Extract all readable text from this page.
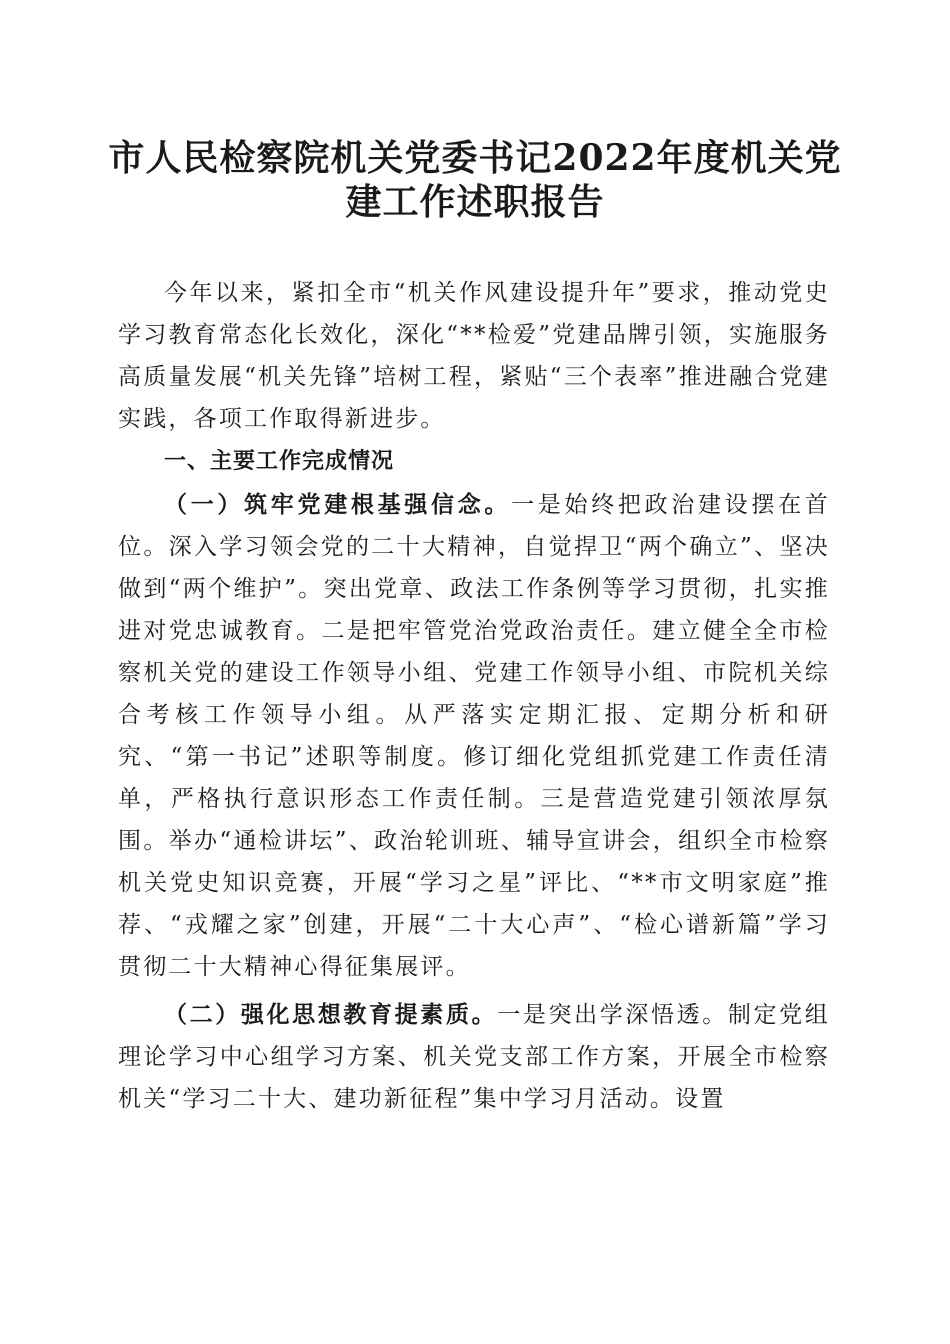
市人民检察院机关党委书记2022年度机关党
建工作述职报告

今年以来，紧扣全市“机关作风建设提升年”要求，推动党史学习教育常态化长效化，深化“**检爱”党建品牌引领，实施服务高质量发展“机关先锋”培树工程，紧贴“三个表率”推进融合党建实践，各项工作取得新进步。

一、主要工作完成情况

（一）筑牢党建根基强信念。一是始终把政治建设摆在首位。深入学习领会党的二十大精神，自觉捍卫“两个确立”、坚决做到“两个维护”。突出党章、政法工作条例等学习贯彻，扎实推进对党忠诚教育。二是把牢管党治党政治责任。建立健全全市检察机关党的建设工作领导小组、党建工作领导小组、市院机关综合考核工作领导小组。从严落实定期汇报、定期分析和研究、“第一书记”述职等制度。修订细化党组抓党建工作责任清单，严格执行意识形态工作责任制。三是营造党建引领浓厚氛围。举办“通检讲坛”、政治轮训班、辅导宣讲会，组织全市检察机关党史知识竞赛，开展“学习之星”评比、“**市文明家庭”推荐、“戎耀之家”创建，开展“二十大心声”、“检心谱新篇”学习贯彻二十大精神心得征集展评。

（二）强化思想教育提素质。一是突出学深悟透。制定党组理论学习中心组学习方案、机关党支部工作方案，开展全市检察机关“学习二十大、建功新征程”集中学习月活动。设置
